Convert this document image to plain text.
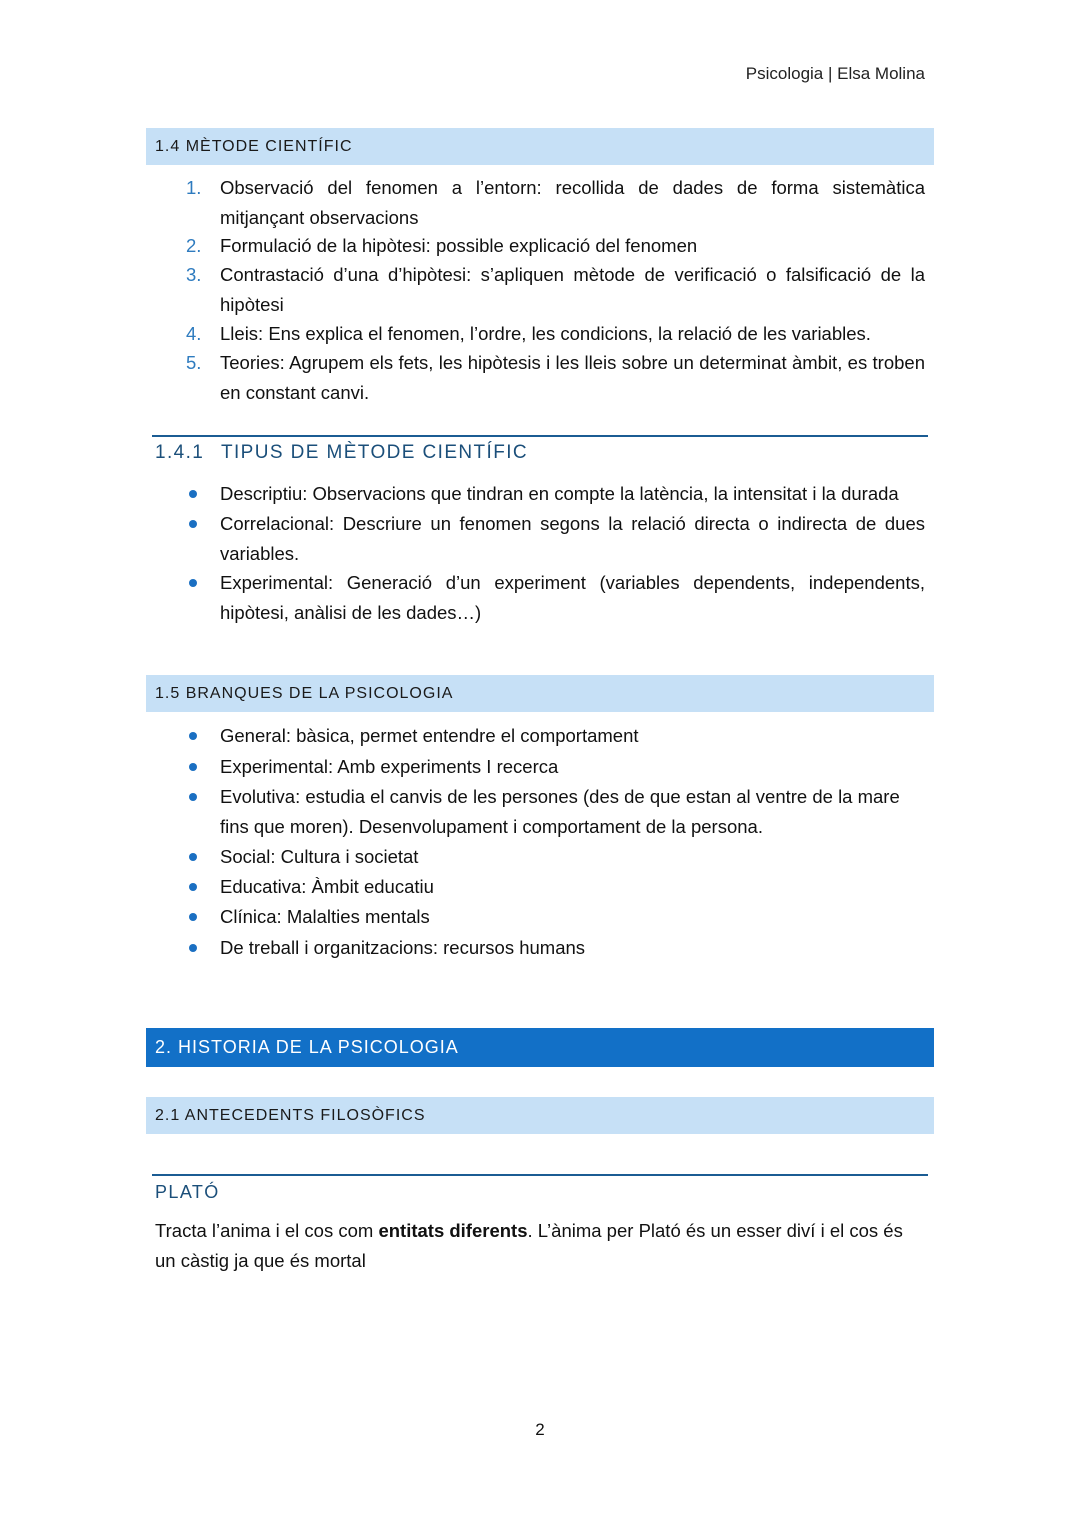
Psicologia | Elsa Molina
1.4 MÈTODE CIENTÍFIC
1. Observació del fenomen a l’entorn: recollida de dades de forma sistemàtica mitjançant observacions
2. Formulació de la hipòtesi: possible explicació del fenomen
3. Contrastació d’una d’hipòtesi: s’apliquen mètode de verificació o falsificació de la hipòtesi
4. Lleis: Ens explica el fenomen, l’ordre, les condicions, la relació de les variables.
5. Teories: Agrupem els fets, les hipòtesis i les lleis sobre un determinat àmbit, es troben en constant canvi.
1.4.1 TIPUS DE MÈTODE CIENTÍFIC
Descriptiu: Observacions que tindran en compte la latència, la intensitat i la durada
Correlacional: Descriure un fenomen segons la relació directa o indirecta de dues variables.
Experimental: Generació d’un experiment (variables dependents, independents, hipòtesi, anàlisi de les dades…)
1.5 BRANQUES DE LA PSICOLOGIA
General: bàsica, permet entendre el comportament
Experimental: Amb experiments I recerca
Evolutiva: estudia el canvis de les persones (des de que estan al ventre de la mare fins que moren). Desenvolupament i comportament de la persona.
Social: Cultura i societat
Educativa: Àmbit educatiu
Clínica: Malalties mentals
De treball i organitzacions: recursos humans
2. HISTORIA DE LA PSICOLOGIA
2.1 ANTECEDENTS FILOSÒFICS
PLATÓ
Tracta l’anima i el cos com entitats diferents. L’ànima per Plató és un esser diví i el cos és un càstig ja que és mortal
2
